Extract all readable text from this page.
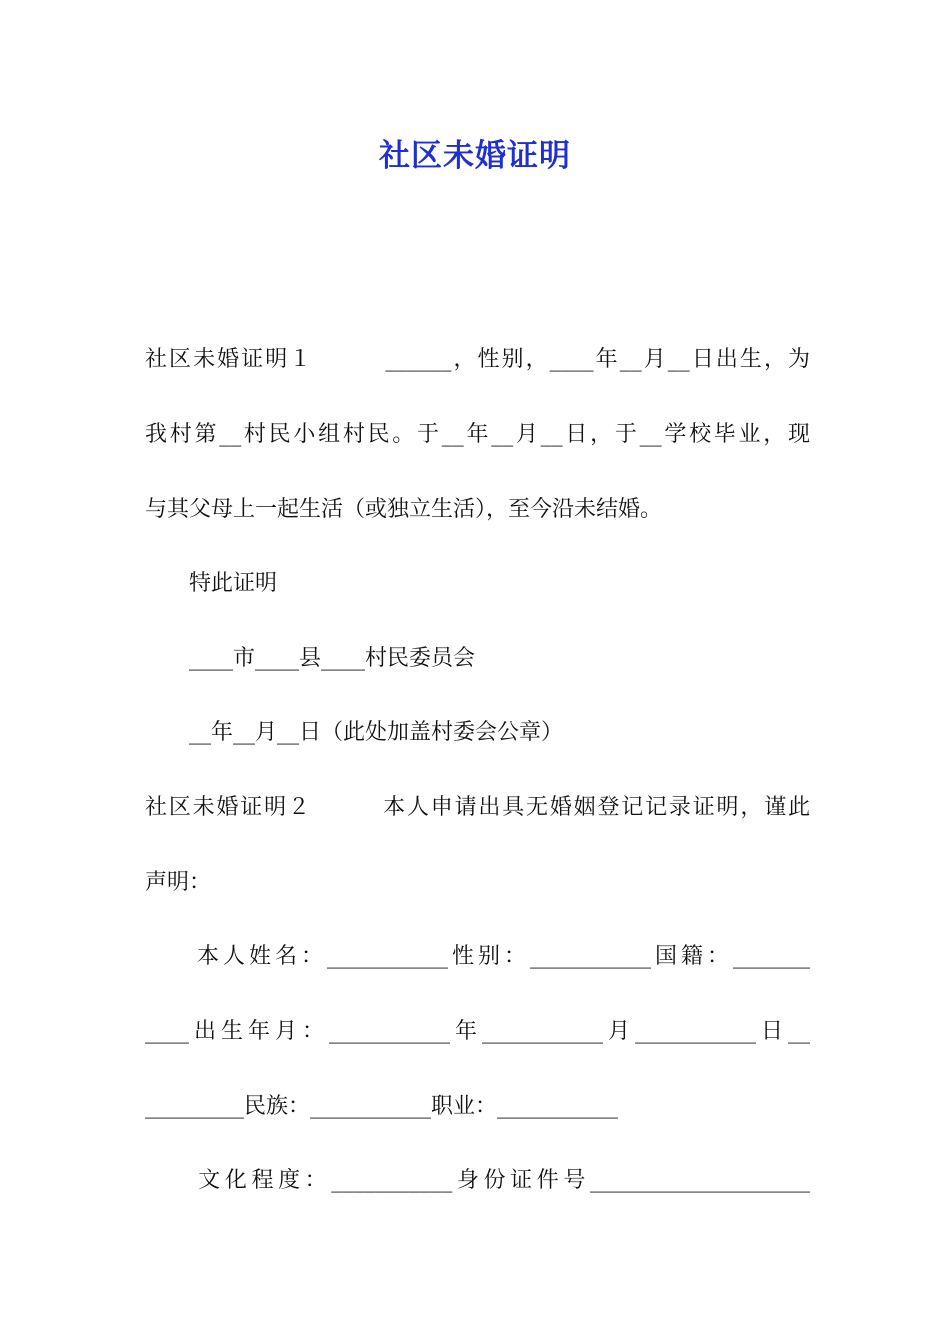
社区未婚证明
社区未婚证明１　　　______，性别，____年__月__日出生，为
我村第__村民小组村民。于__年__月__日，于__学校毕业，现
与其父母上一起生活（或独立生活），至今沿未结婚。
　　特此证明
　　____市____县____村民委员会
　　__年__月__日（此处加盖村委会公章）
社区未婚证明２　　　本人申请出具无婚姻登记记录证明，谨此
声明：
　　本人姓名：___________性别：___________国籍：_______
____出生年月：___________年___________月___________日__
_________民族：___________职业：___________
　　文化程度：___________身份证件号____________________
